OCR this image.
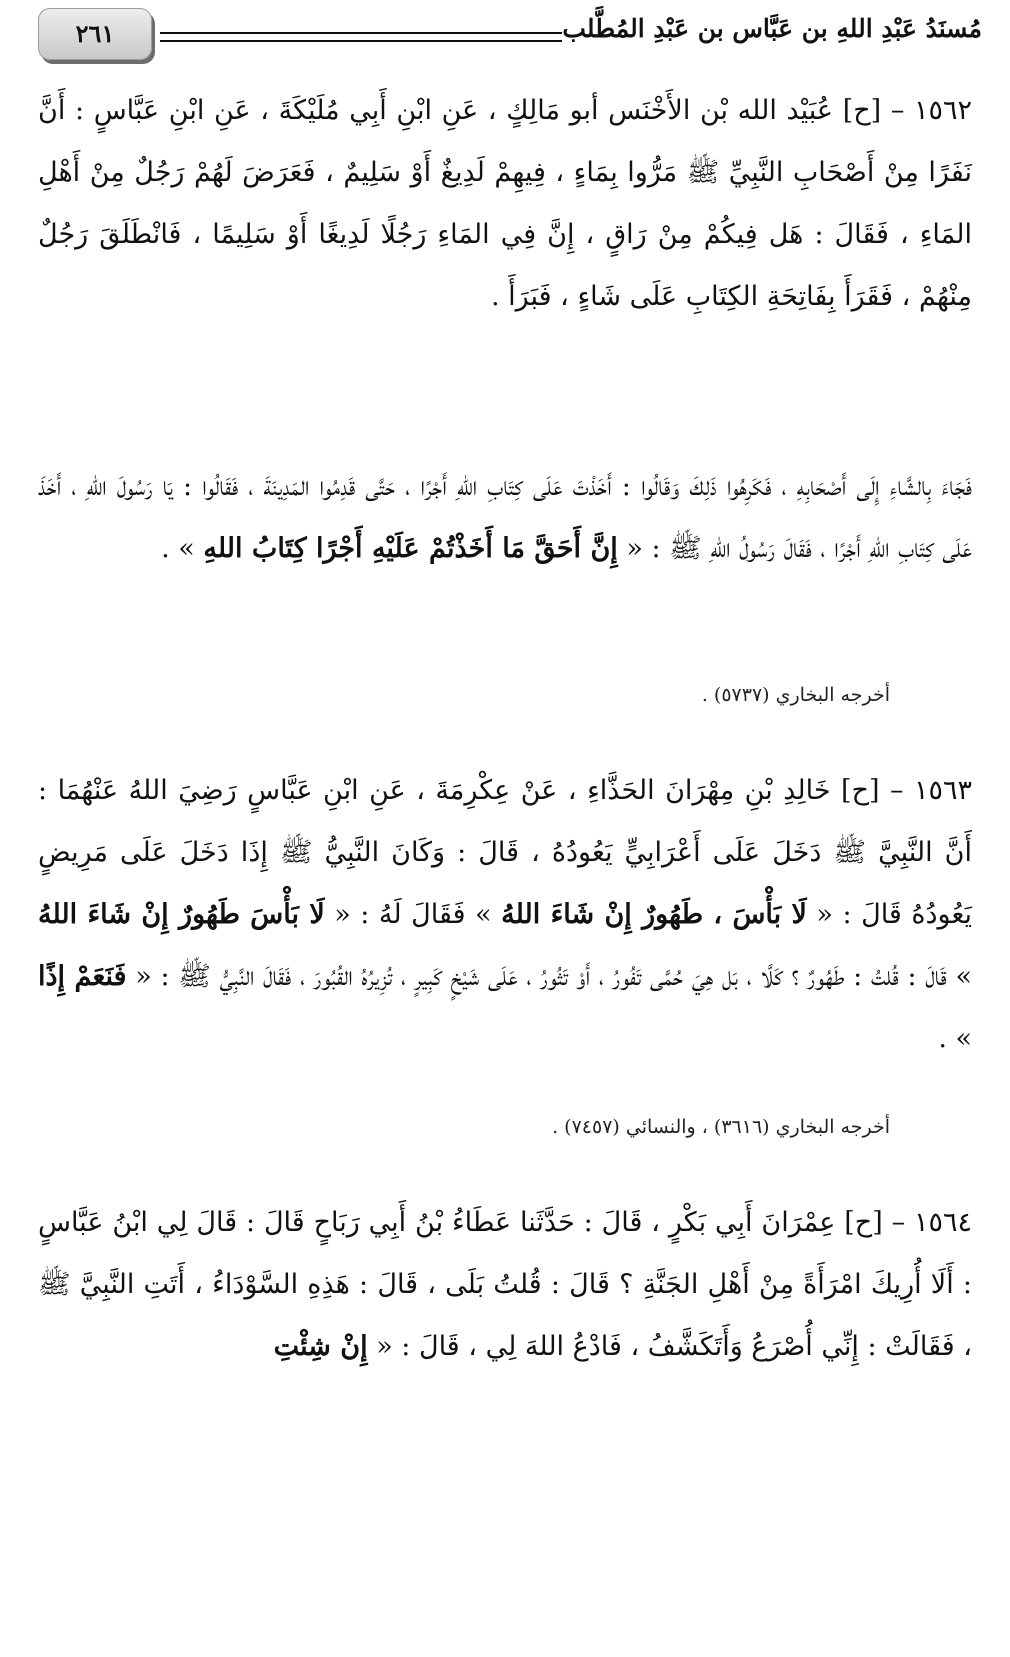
مُسنَدُ عَبْدِ اللهِ بن عَبَّاس بن عَبْدِ المُطَّلب
٢٦١

١٥٦٢ – [ح] عُبَيْد الله بْن الأَخْنَس أبو مَالِكٍ ، عَنِ ابْنِ أَبِي مُلَيْكَةَ ، عَنِ ابْنِ عَبَّاسٍ : أَنَّ نَفَرًا مِنْ أَصْحَابِ النَّبِيِّ ﷺ مَرُّوا بِمَاءٍ ، فِيهِمْ لَدِيغٌ أَوْ سَلِيمٌ ، فَعَرَضَ لَهُمْ رَجُلٌ مِنْ أَهْلِ المَاءِ ، فَقَالَ : هَل فِيكُمْ مِنْ رَاقٍ ، إِنَّ فِي المَاءِ رَجُلًا لَدِيغًا أَوْ سَلِيمًا ، فَانْطَلَقَ رَجُلٌ مِنْهُمْ ، فَقَرَأَ بِفَاتِحَةِ الكِتَابِ عَلَى شَاءٍ ، فَبَرَأَ .

فَجَاءَ بِالشَّاءِ إِلَى أَصْحَابِهِ ، فَكَرِهُوا ذَلِكَ وَقَالُوا : أَخَذْتَ عَلَى كِتَابِ اللهِ أَجْرًا ، حَتَّى قَدِمُوا المَدِينَةَ ، فَقَالُوا : يَا رَسُولَ اللهِ ، أَخَذَ عَلَى كِتَابِ اللهِ أَجْرًا ، فَقَالَ رَسُولُ اللهِ ﷺ : « إِنَّ أَحَقَّ مَا أَخَذْتُمْ عَلَيْهِ أَجْرًا كِتَابُ اللهِ » .

أخرجه البخاري (٥٧٣٧) .

١٥٦٣ – [ح] خَالِدِ بْنِ مِهْرَانَ الحَذَّاءِ ، عَنْ عِكْرِمَةَ ، عَنِ ابْنِ عَبَّاسٍ رَضِيَ اللهُ عَنْهُمَا : أَنَّ النَّبِيَّ ﷺ دَخَلَ عَلَى أَعْرَابِيٍّ يَعُودُهُ ، قَالَ : وَكَانَ النَّبِيُّ ﷺ إِذَا دَخَلَ عَلَى مَرِيضٍ يَعُودُهُ قَالَ : « لَا بَأْسَ ، طَهُورٌ إِنْ شَاءَ اللهُ » فَقَالَ لَهُ : « لَا بَأْسَ طَهُورٌ إِنْ شَاءَ اللهُ » قَالَ : قُلتُ : طَهُورٌ ؟ كَلَّا ، بَل هِيَ حُمَّى تَفُورُ ، أَوْ تَثُورُ ، عَلَى شَيْخٍ كَبِيرٍ ، تُزِيرُهُ القُبُورَ ، فَقَالَ النَّبِيُّ ﷺ : « فَنَعَمْ إِذًا » .

أخرجه البخاري (٣٦١٦) ، والنسائي (٧٤٥٧) .

١٥٦٤ – [ح] عِمْرَانَ أَبِي بَكْرٍ ، قَالَ : حَدَّثَنا عَطَاءُ بْنُ أَبِي رَبَاحٍ قَالَ : قَالَ لِي ابْنُ عَبَّاسٍ : أَلَا أُرِيكَ امْرَأَةً مِنْ أَهْلِ الجَنَّةِ ؟ قَالَ : قُلتُ بَلَى ، قَالَ : هَذِهِ السَّوْدَاءُ ، أَتَتِ النَّبِيَّ ﷺ ، فَقَالَتْ : إِنِّي أُصْرَعُ وَأَتَكَشَّفُ ، فَادْعُ اللهَ لِي ، قَالَ : « إِنْ شِئْتِ
